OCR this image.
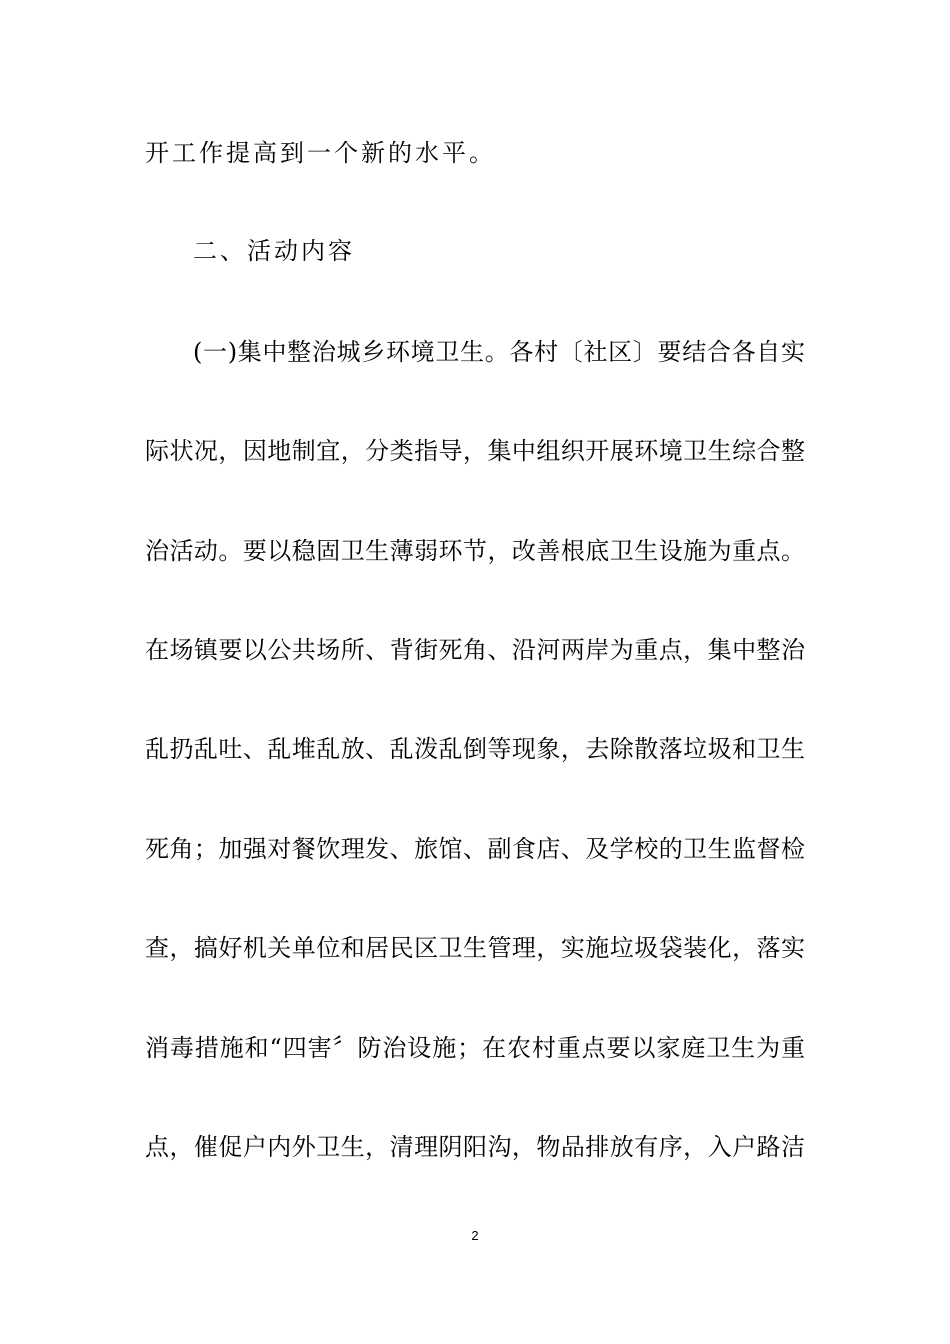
开工作提高到一个新的水平。
二、活动内容
(一)集中整治城乡环境卫生。各村〔社区〕要结合各自实
际状况，因地制宜，分类指导，集中组织开展环境卫生综合整
治活动。要以稳固卫生薄弱环节，改善根底卫生设施为重点。
在场镇要以公共场所、背街死角、沿河两岸为重点，集中整治
乱扔乱吐、乱堆乱放、乱泼乱倒等现象，去除散落垃圾和卫生
死角；加强对餐饮理发、旅馆、副食店、及学校的卫生监督检
查，搞好机关单位和居民区卫生管理，实施垃圾袋装化，落实
消毒措施和“四害〞防治设施；在农村重点要以家庭卫生为重
点，催促户内外卫生，清理阴阳沟，物品排放有序，入户路洁
2
